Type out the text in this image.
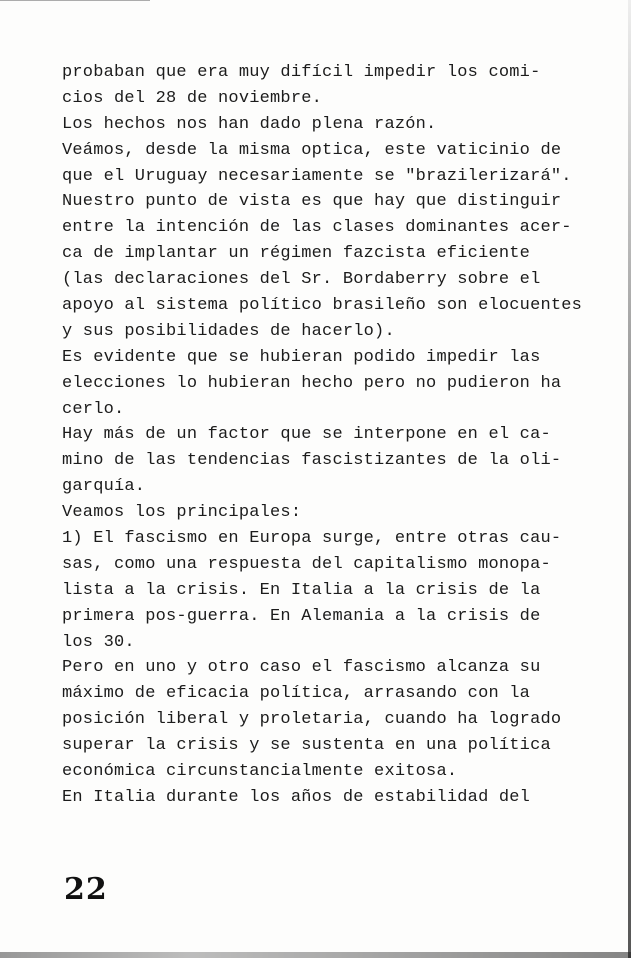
probaban que era muy difícil impedir los comi-

cios del 28 de noviembre.

Los hechos nos han dado plena razón.

Veámos, desde la misma optica, este vaticinio de

que el Uruguay necesariamente se "brazilerizará".

Nuestro punto de vista es que hay que distinguir

entre la intención de las clases dominantes acer-

ca de implantar un régimen fazcista eficiente

(las declaraciones del Sr. Bordaberry sobre el

apoyo al sistema político brasileño son elocuentes

y sus posibilidades de hacerlo).

Es evidente que se hubieran podido impedir las

elecciones lo hubieran hecho pero no pudieron ha

cerlo.

Hay más de un factor que se interpone en el ca-

mino de las tendencias fascistizantes de la oli-

garquía.

Veamos los principales:

1) El fascismo en Europa surge, entre otras cau-

sas, como una respuesta del capitalismo monopa-

lista a la crisis. En Italia a la crisis de la

primera pos-guerra. En Alemania a la crisis de

los 30.

Pero en uno y otro caso el fascismo alcanza su

máximo de eficacia política, arrasando con la

posición liberal y proletaria, cuando ha logrado

superar la crisis y se sustenta en una política

económica circunstancialmente exitosa.

En Italia durante los años de estabilidad del

22
